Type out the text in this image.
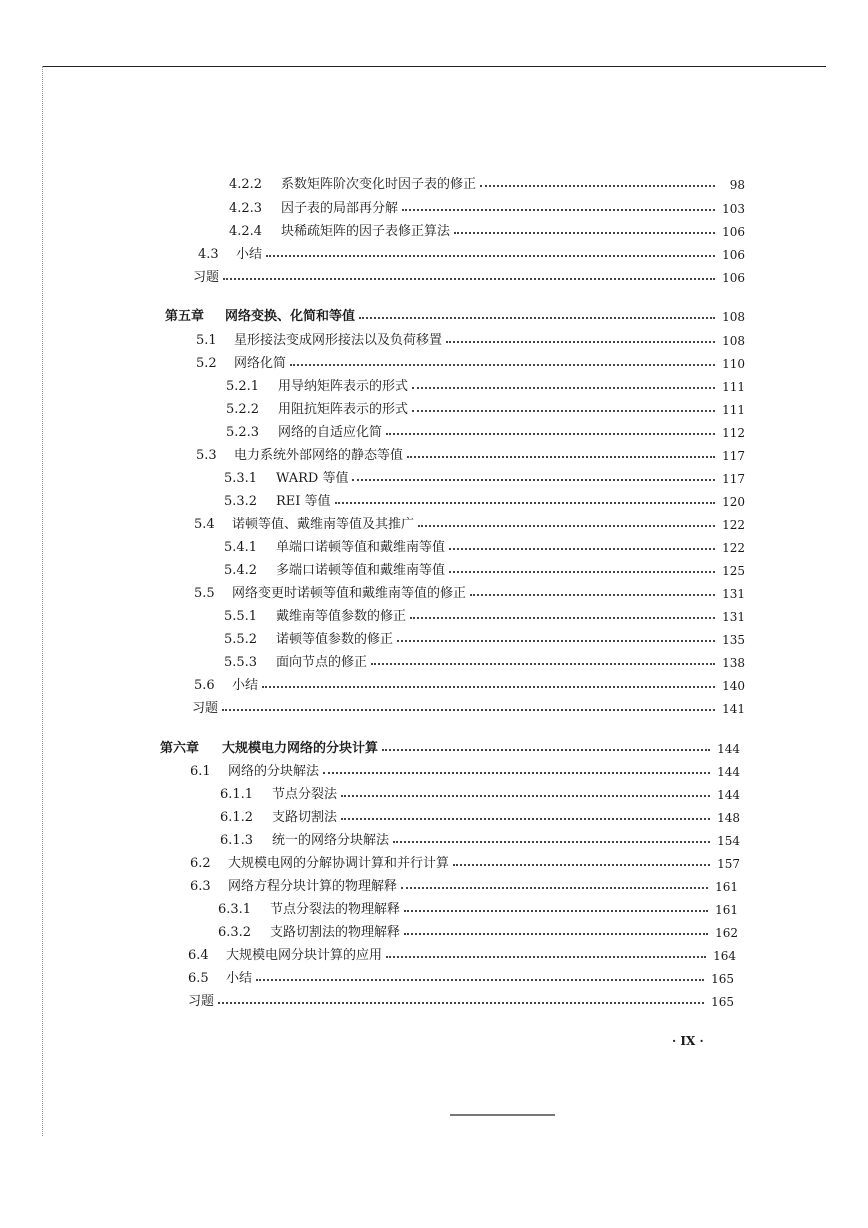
4.2.2	系数矩阵阶次变化时因子表的修正	98
4.2.3	因子表的局部再分解	103
4.2.4	块稀疏矩阵的因子表修正算法	106
4.3	小结	106
习题	106
第五章	网络变换、化简和等值	108
5.1	星形接法变成网形接法以及负荷移置	108
5.2	网络化简	110
5.2.1	用导纳矩阵表示的形式	111
5.2.2	用阻抗矩阵表示的形式	111
5.2.3	网络的自适应化简	112
5.3	电力系统外部网络的静态等值	117
5.3.1	WARD 等值	117
5.3.2	REI 等值	120
5.4	诺顿等值、戴维南等值及其推广	122
5.4.1	单端口诺顿等值和戴维南等值	122
5.4.2	多端口诺顿等值和戴维南等值	125
5.5	网络变更时诺顿等值和戴维南等值的修正	131
5.5.1	戴维南等值参数的修正	131
5.5.2	诺顿等值参数的修正	135
5.5.3	面向节点的修正	138
5.6	小结	140
习题	141
第六章	大规模电力网络的分块计算	144
6.1	网络的分块解法	144
6.1.1	节点分裂法	144
6.1.2	支路切割法	148
6.1.3	统一的网络分块解法	154
6.2	大规模电网的分解协调计算和并行计算	157
6.3	网络方程分块计算的物理解释	161
6.3.1	节点分裂法的物理解释	161
6.3.2	支路切割法的物理解释	162
6.4	大规模电网分块计算的应用	164
6.5	小结	165
习题	165
· IX ·
